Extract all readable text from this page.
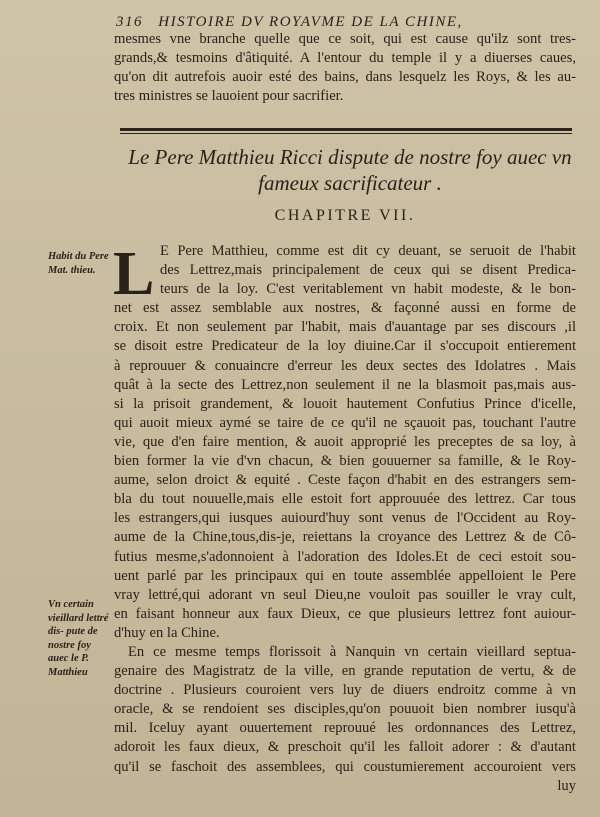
316 HISTOIRE DV ROYAVME DE LA CHINE,
mesmes vne branche quelle que ce soit, qui est cause qu'ilz sont tres-
grands,& tesmoins d'âtiquité. A l'entour du temple il y a diuerses caues,
qu'on dit autrefois auoir esté des bains, dans lesquelz les Roys, & les au-
tres ministres se lauoient pour sacrifier.
Le Pere Matthieu Ricci dispute de nostre foy auec vn
fameux sacrificateur .
CHAPITRE VII.
Habit du Pere Mat. thieu.
Vn certain vieillard lettré dis- pute de nostre foy auec le P. Matthieu
L E Pere Matthieu, comme est dit cy deuant, se seruoit de l'habit
des Lettrez,mais principalement de ceux qui se disent Predica-
teurs de la loy. C'est veritablement vn habit modeste, & le bon-
net est assez semblable aux nostres, & façonné aussi en forme de
croix. Et non seulement par l'habit, mais d'auantage par ses discours ,il
se disoit estre Predicateur de la loy diuine.Car il s'occupoit entierement
à reprouuer & conuaincre d'erreur les deux sectes des Idolatres . Mais
quât à la secte des Lettrez,non seulement il ne la blasmoit pas,mais aus-
si la prisoit grandement, & louoit hautement Confutius Prince d'icelle,
qui auoit mieux aymé se taire de ce qu'il ne sçauoit pas, touchant l'autre
vie, que d'en faire mention, & auoit approprié les preceptes de sa loy, à
bien former la vie d'vn chacun, & bien gouuerner sa famille, & le Roy-
aume, selon droict & equité . Ceste façon d'habit en des estrangers sem-
bla du tout nouuelle,mais elle estoit fort approuuée des lettrez. Car tous
les estrangers,qui iusques auiourd'huy sont venus de l'Occident au Roy-
aume de la Chine,tous,dis-je, reiettans la croyance des Lettrez & de Cô-
futius mesme,s'adonnoient à l'adoration des Idoles.Et de ceci estoit sou-
uent parlé par les principaux qui en toute assemblée appelloient le Pere
vray lettré,qui adorant vn seul Dieu,ne vouloit pas souiller le vray cult,
en faisant honneur aux faux Dieux, ce que plusieurs lettrez font auiour-
d'huy en la Chine.
En ce mesme temps florissoit à Nanquin vn certain vieillard septua-
genaire des Magistratz de la ville, en grande reputation de vertu, & de
doctrine . Plusieurs couroient vers luy de diuers endroitz comme à vn
oracle, & se rendoient ses disciples,qu'on pouuoit bien nombrer iusqu'à
mil. Iceluy ayant ouuertement reprouué les ordonnances des Lettrez,
adoroit les faux dieux, & preschoit qu'il les falloit adorer : & d'autant
qu'il se faschoit des assemblees, qui coustumierement accouroient vers
luy
